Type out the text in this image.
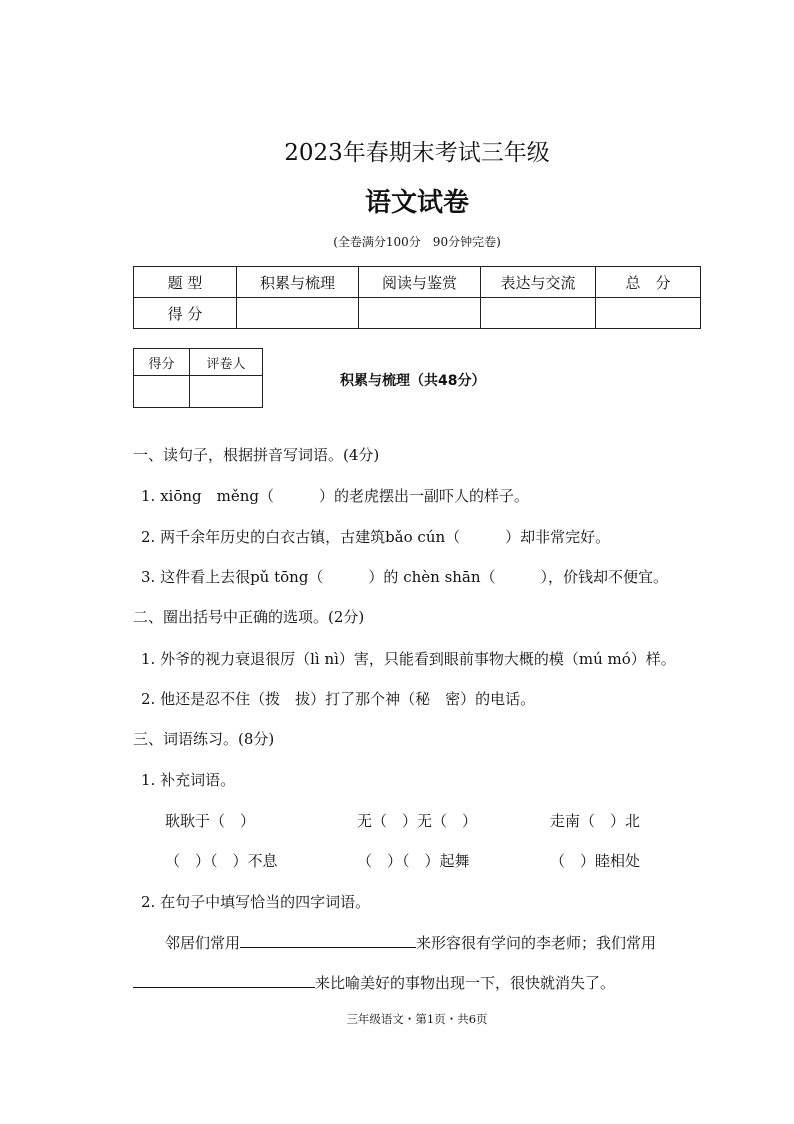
2023年春期末考试三年级
语文试卷
(全卷满分100分　90分钟完卷)
题 型	积累与梳理	阅读与鉴赏	表达与交流	总　分
得 分				
得分	评卷人

积累与梳理（共48分）
一、读句子，根据拼音写词语。(4分)
1. xiōng　měng（　　　）的老虎摆出一副吓人的样子。
2. 两千余年历史的白衣古镇，古建筑bǎo cún（　　　）却非常完好。
3. 这件看上去很pǔ tōng（　　　）的 chèn shān（　　　），价钱却不便宜。
二、圈出括号中正确的选项。(2分)
1. 外爷的视力衰退很厉（lì nì）害，只能看到眼前事物大概的模（mú mó）样。
2. 他还是忍不住（拨　拔）打了那个神（秘　密）的电话。
三、词语练习。(8分)
1. 补充词语。
耿耿于（　）	无（　）无（　）	走南（　）北
（　）（　）不息	（　）（　）起舞	（　）睦相处
2. 在句子中填写恰当的四字词语。
邻居们常用	来形容很有学问的李老师；我们常用
来比喻美好的事物出现一下，很快就消失了。
三年级语文・第1页・共6页
